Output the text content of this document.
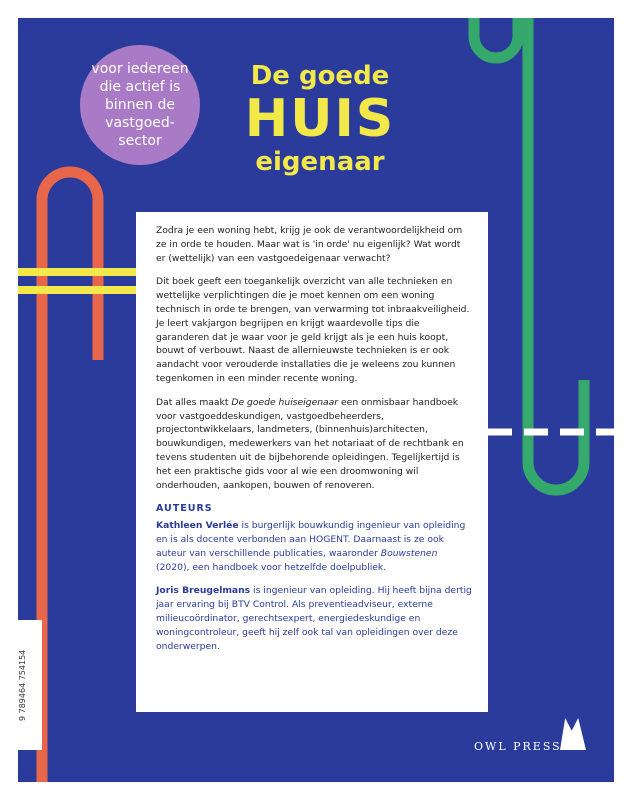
voor iedereen die actief is binnen de vastgoed-sector
De goede
HUIS
eigenaar

Zodra je een woning hebt, krijg je ook de verantwoordelijkheid om ze in orde te houden. Maar wat is 'in orde' nu eigenlijk? Wat wordt er (wettelijk) van een vastgoedeigenaar verwacht?

Dit boek geeft een toegankelijk overzicht van alle technieken en wettelijke verplichtingen die je moet kennen om een woning technisch in orde te brengen, van verwarming tot inbraakveiligheid. Je leert vakjargon begrijpen en krijgt waardevolle tips die garanderen dat je waar voor je geld krijgt als je een huis koopt, bouwt of verbouwt. Naast de allernieuwste technieken is er ook aandacht voor verouderde installaties die je weleens zou kunnen tegenkomen in een minder recente woning.

Dat alles maakt De goede huiseigenaar een onmisbaar handboek voor vastgoeddeskundigen, vastgoedbeheerders, projectontwikkelaars, landmeters, (binnenhuis)architecten, bouwkundigen, medewerkers van het notariaat of de rechtbank en tevens studenten uit de bijbehorende opleidingen. Tegelijkertijd is het een praktische gids voor al wie een droomwoning wil onderhouden, aankopen, bouwen of renoveren.

AUTEURS

Kathleen Verlée is burgerlijk bouwkundig ingenieur van opleiding en is als docente verbonden aan HOGENT. Daarnaast is ze ook auteur van verschillende publicaties, waaronder Bouwstenen (2020), een handboek voor hetzelfde doelpubliek.

Joris Breugelmans is ingenieur van opleiding. Hij heeft bijna dertig jaar ervaring bij BTV Control. Als preventieadviseur, externe milieucoördinator, gerechtsexpert, energiedeskundige en woningcontroleur, geeft hij zelf ook tal van opleidingen over deze onderwerpen.

9 789464 754154
OWL PRESS
